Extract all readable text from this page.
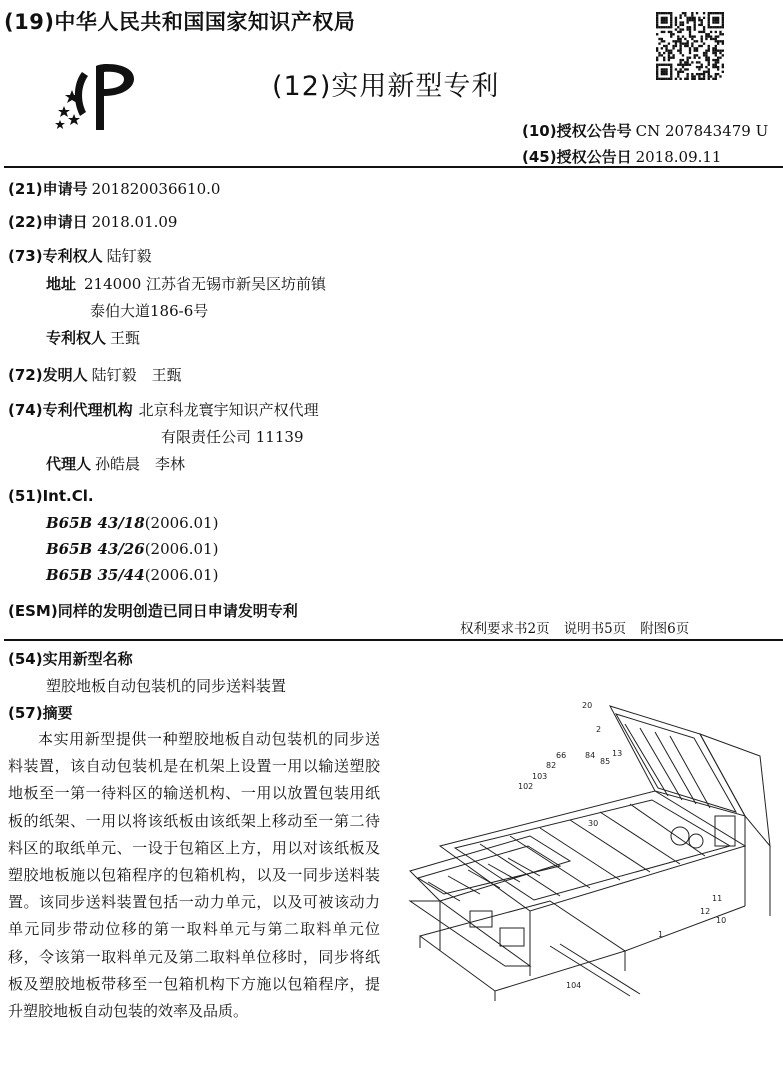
(19)中华人民共和国国家知识产权局
(12)实用新型专利
(10)授权公告号 CN 207843479 U
(45)授权公告日 2018.09.11
(21)申请号 201820036610.0
(22)申请日 2018.01.09
(73)专利权人 陆钉毅
地址 214000 江苏省无锡市新吴区坊前镇
泰伯大道186-6号
专利权人 王甄
(72)发明人 陆钉毅　王甄
(74)专利代理机构 北京科龙寰宇知识产权代理
有限责任公司 11139
代理人 孙皓晨　李林
(51)Int.Cl.
B65B 43/18(2006.01)
B65B 43/26(2006.01)
B65B 35/44(2006.01)
(ESM)同样的发明创造已同日申请发明专利
权利要求书2页 说明书5页 附图6页
(54)实用新型名称
塑胶地板自动包装机的同步送料装置
(57)摘要
本实用新型提供一种塑胶地板自动包装机的同步送料装置，该自动包装机是在机架上设置一用以输送塑胶地板至一第一待料区的输送机构、一用以放置包装用纸板的纸架、一用以将该纸板由该纸架上移动至一第二待料区的取纸单元、一设于包箱区上方，用以对该纸板及塑胶地板施以包箱程序的包箱机构，以及一同步送料装置。该同步送料装置包括一动力单元，以及可被该动力单元同步带动位移的第一取料单元与第二取料单元位移，令该第一取料单元及第二取料单位移时，同步将纸板及塑胶地板带移至一包箱机构下方施以包箱程序，提升塑胶地板自动包装的效率及品质。
20
2
66 84 13
82	85
103
102
30
11
12
10
1
104
